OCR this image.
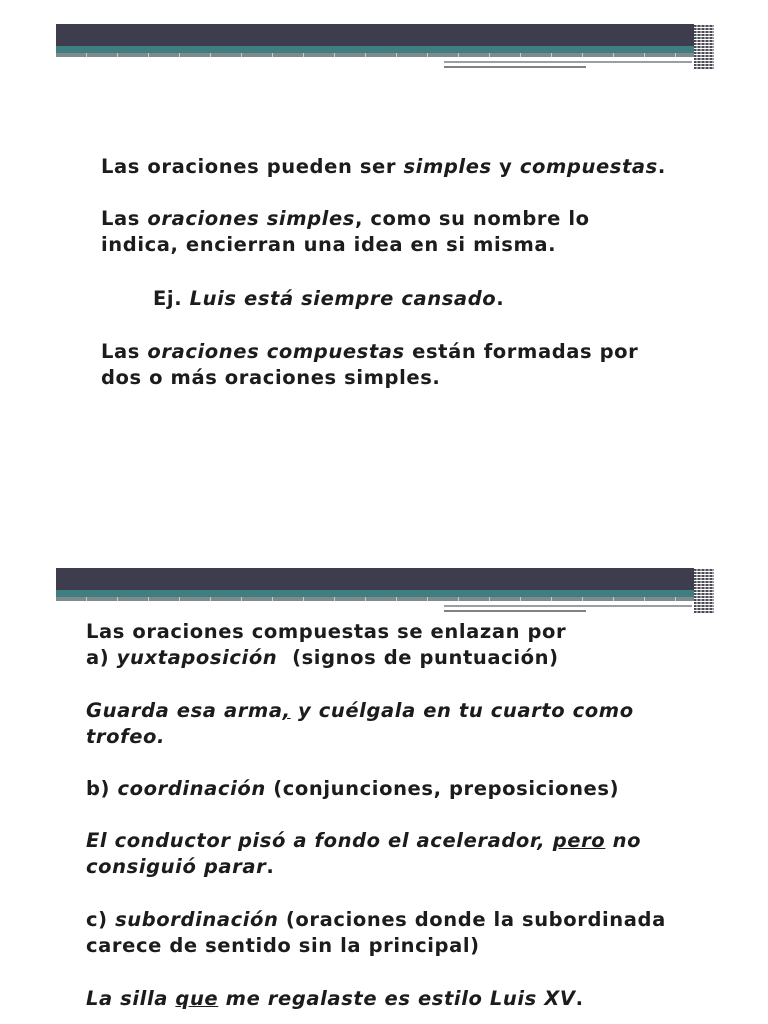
Las oraciones pueden ser simples y compuestas.
Las oraciones simples, como su nombre lo
indica, encierran una idea en si misma.
Ej. Luis está siempre cansado.
Las oraciones compuestas están formadas por
dos o más oraciones simples.
Las oraciones compuestas se enlazan por
a) yuxtaposición  (signos de puntuación)
Guarda esa arma, y cuélgala en tu cuarto como
trofeo.
b) coordinación (conjunciones, preposiciones)
El conductor pisó a fondo el acelerador, pero no
consiguió parar.
c) subordinación (oraciones donde la subordinada
carece de sentido sin la principal)
La silla que me regalaste es estilo Luis XV.
